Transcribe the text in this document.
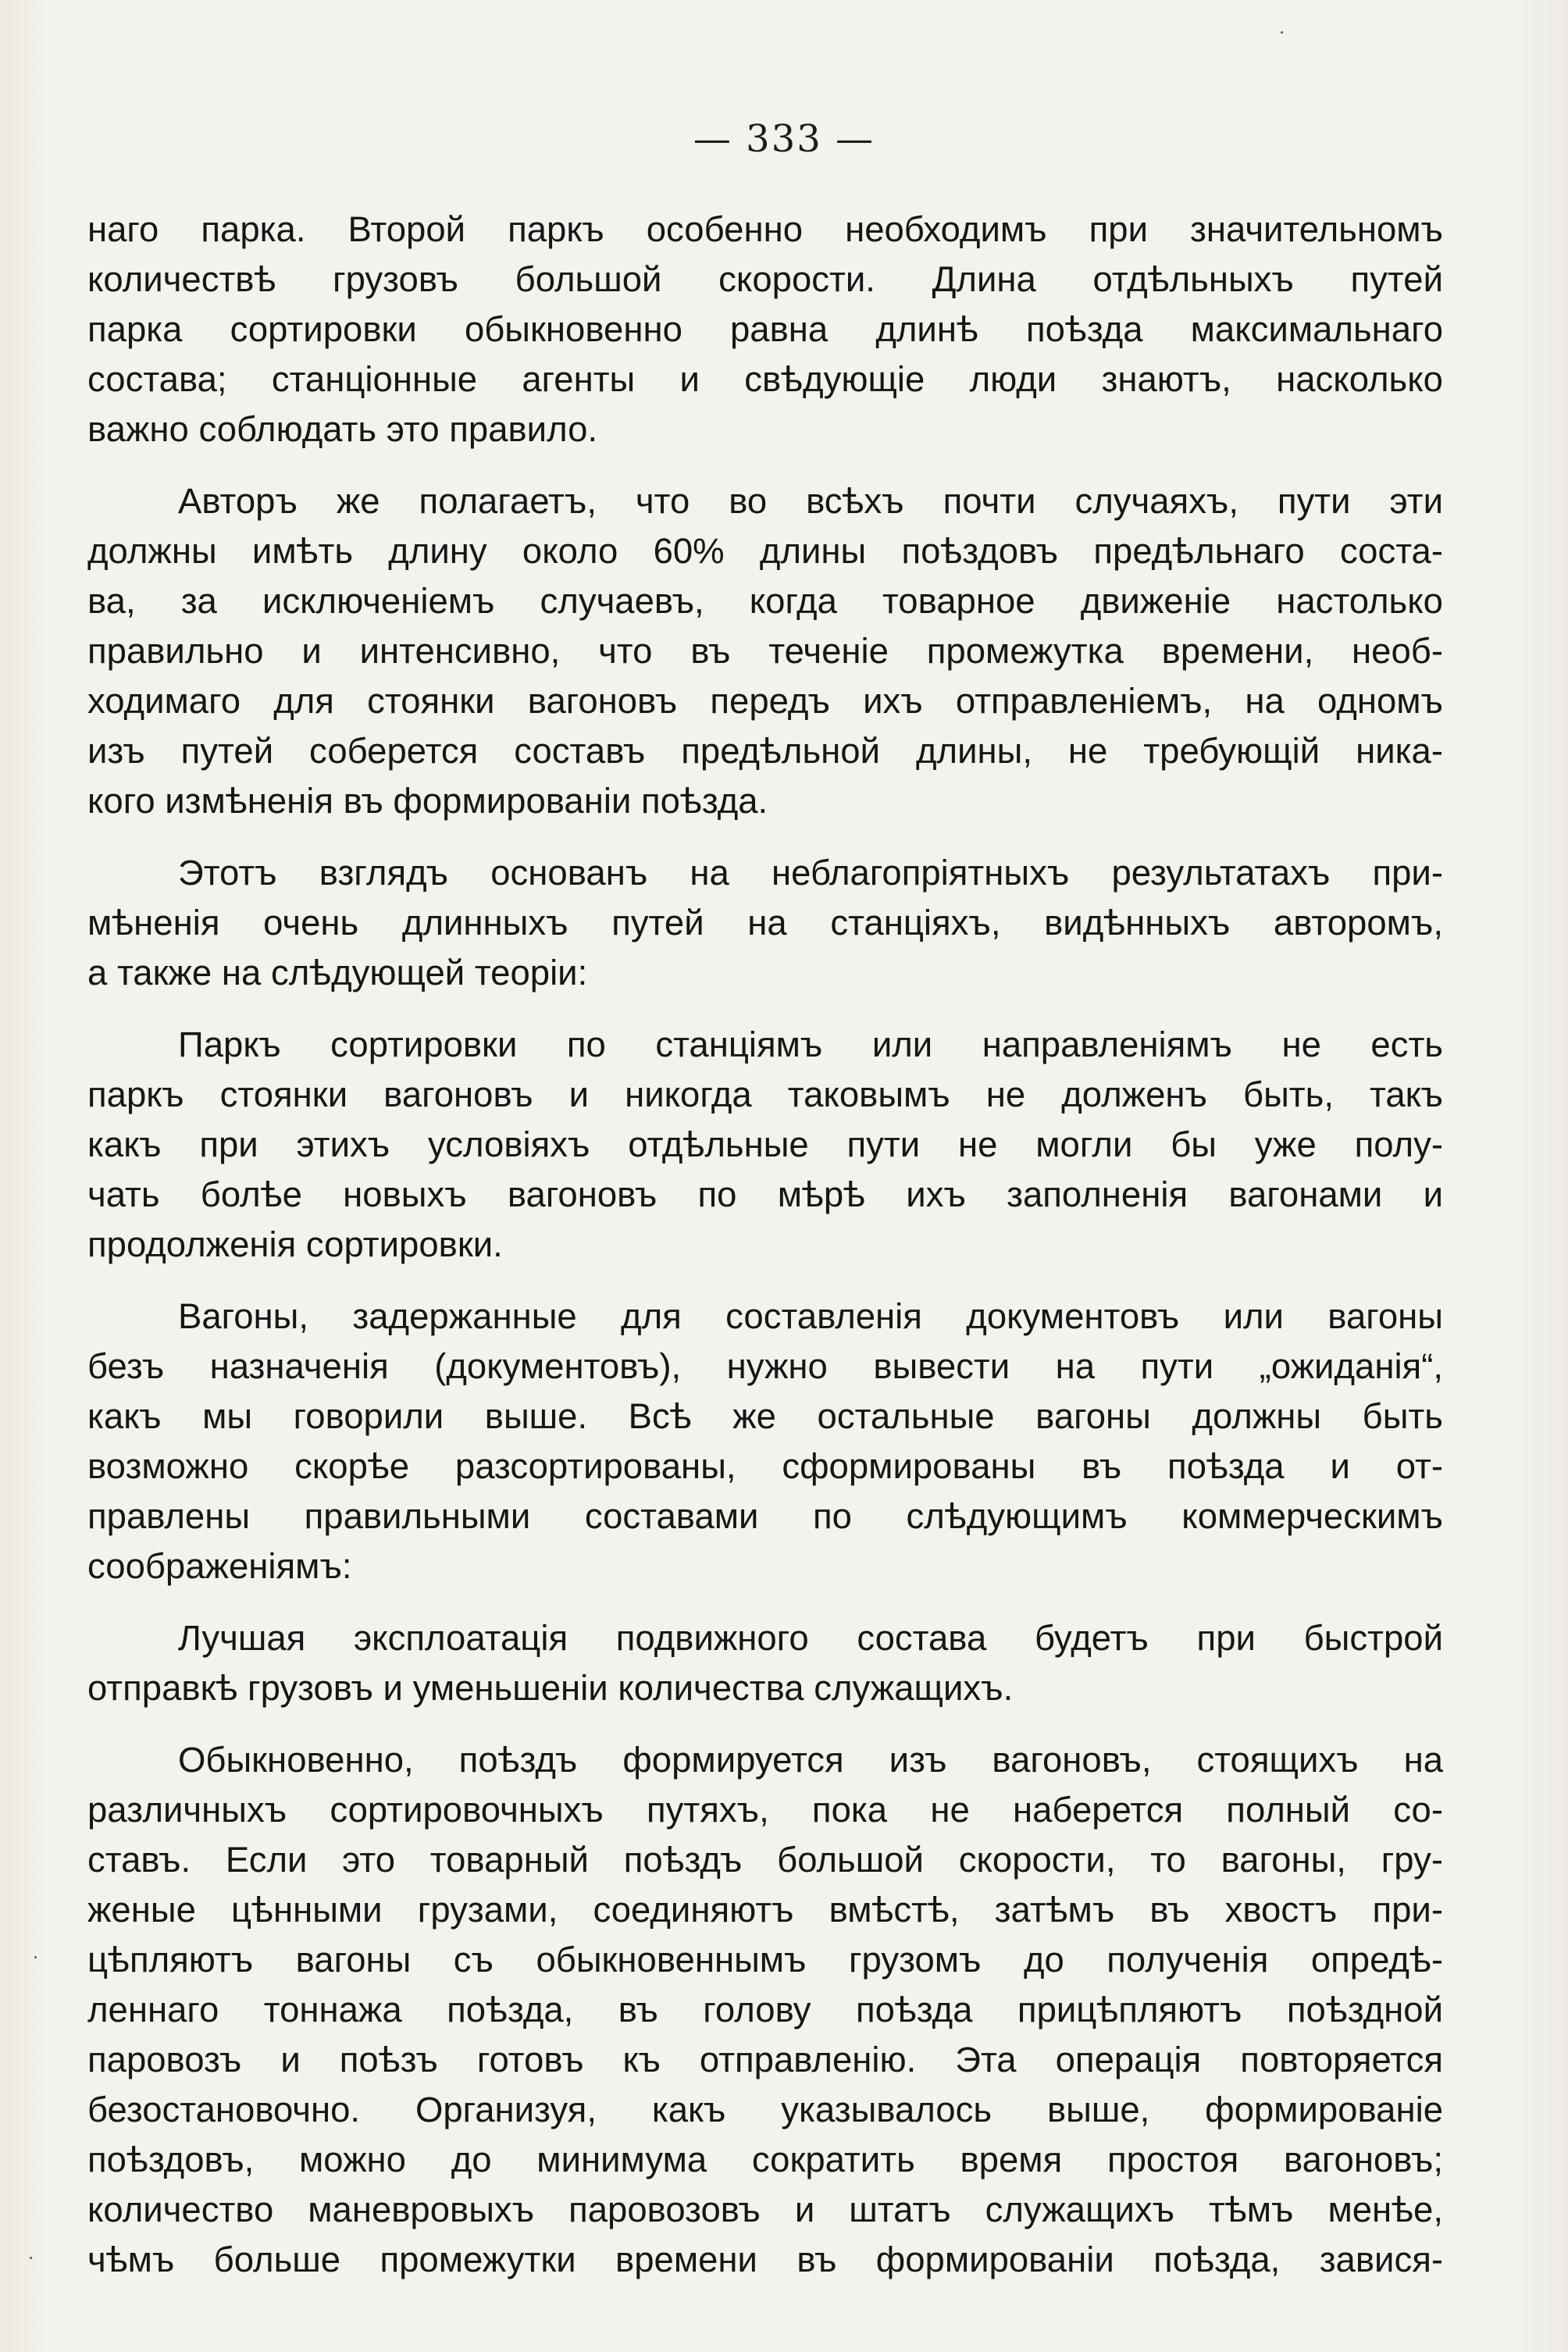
— 333 —
наго парка. Второй паркъ особенно необходимъ при значительномъ
количествѣ грузовъ большой скорости. Длина отдѣльныхъ путей
парка сортировки обыкновенно равна длинѣ поѣзда максимальнаго
состава; станціонные агенты и свѣдующіе люди знаютъ, насколько
важно соблюдать это правило.
Авторъ же полагаетъ, что во всѣхъ почти случаяхъ, пути эти
должны имѣть длину около 60% длины поѣздовъ предѣльнаго соста-
ва, за исключеніемъ случаевъ, когда товарное движеніе настолько
правильно и интенсивно, что въ теченіе промежутка времени, необ-
ходимаго для стоянки вагоновъ передъ ихъ отправленіемъ, на одномъ
изъ путей соберется составъ предѣльной длины, не требующій ника-
кого измѣненія въ формированіи поѣзда.
Этотъ взглядъ основанъ на неблагопріятныхъ результатахъ при-
мѣненія очень длинныхъ путей на станціяхъ, видѣнныхъ авторомъ,
а также на слѣдующей теоріи:
Паркъ сортировки по станціямъ или направленіямъ не есть
паркъ стоянки вагоновъ и никогда таковымъ не долженъ быть, такъ
какъ при этихъ условіяхъ отдѣльные пути не могли бы уже полу-
чать болѣе новыхъ вагоновъ по мѣрѣ ихъ заполненія вагонами и
продолженія сортировки.
Вагоны, задержанные для составленія документовъ или вагоны
безъ назначенія (документовъ), нужно вывести на пути „ожиданія“,
какъ мы говорили выше. Всѣ же остальные вагоны должны быть
возможно скорѣе разсортированы, сформированы въ поѣзда и от-
правлены правильными составами по слѣдующимъ коммерческимъ
соображеніямъ:
Лучшая эксплоатація подвижного состава будетъ при быстрой
отправкѣ грузовъ и уменьшеніи количества служащихъ.
Обыкновенно, поѣздъ формируется изъ вагоновъ, стоящихъ на
различныхъ сортировочныхъ путяхъ, пока не наберется полный со-
ставъ. Если это товарный поѣздъ большой скорости, то вагоны, гру-
женые цѣнными грузами, соединяютъ вмѣстѣ, затѣмъ въ хвостъ при-
цѣпляютъ вагоны съ обыкновеннымъ грузомъ до полученія опредѣ-
леннаго тоннажа поѣзда, въ голову поѣзда прицѣпляютъ поѣздной
паровозъ и поѣзъ готовъ къ отправленію. Эта операція повторяется
безостановочно. Организуя, какъ указывалось выше, формированіе
поѣздовъ, можно до минимума сократить время простоя вагоновъ;
количество маневровыхъ паровозовъ и штатъ служащихъ тѣмъ менѣе,
чѣмъ больше промежутки времени въ формированіи поѣзда, завися-
